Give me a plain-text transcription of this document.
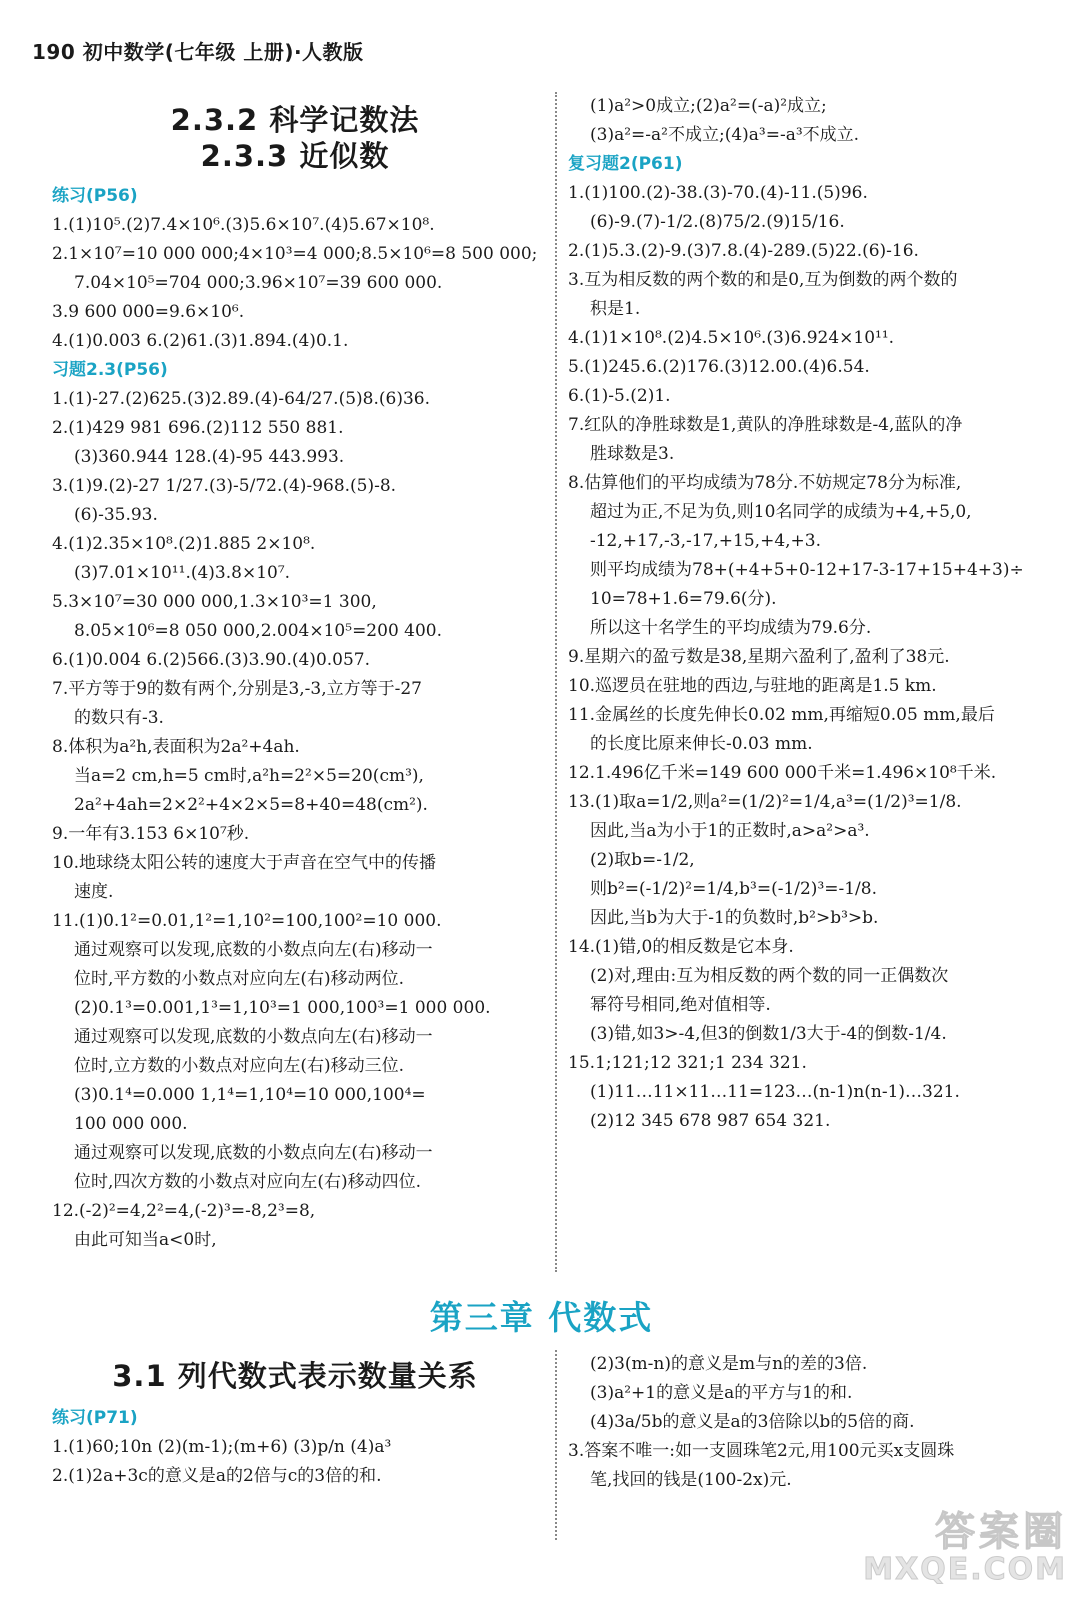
190 初中数学(七年级 上册)·人教版
2.3.2 科学记数法
2.3.3 近似数
练习(P56)
1.(1)10⁵.(2)7.4×10⁶.(3)5.6×10⁷.(4)5.67×10⁸.
2.1×10⁷=10 000 000;4×10³=4 000;8.5×10⁶=8 500 000;
7.04×10⁵=704 000;3.96×10⁷=39 600 000.
3.9 600 000=9.6×10⁶.
4.(1)0.003 6.(2)61.(3)1.894.(4)0.1.
习题2.3(P56)
1.(1)-27.(2)625.(3)2.89.(4)-64/27.(5)8.(6)36.
2.(1)429 981 696.(2)112 550 881.
(3)360.944 128.(4)-95 443.993.
3.(1)9.(2)-27 1/27.(3)-5/72.(4)-968.(5)-8.
(6)-35.93.
4.(1)2.35×10⁸.(2)1.885 2×10⁸.
(3)7.01×10¹¹.(4)3.8×10⁷.
5.3×10⁷=30 000 000,1.3×10³=1 300,
8.05×10⁶=8 050 000,2.004×10⁵=200 400.
6.(1)0.004 6.(2)566.(3)3.90.(4)0.057.
7.平方等于9的数有两个,分别是3,-3,立方等于-27
的数只有-3.
8.体积为a²h,表面积为2a²+4ah.
当a=2 cm,h=5 cm时,a²h=2²×5=20(cm³),
2a²+4ah=2×2²+4×2×5=8+40=48(cm²).
9.一年有3.153 6×10⁷秒.
10.地球绕太阳公转的速度大于声音在空气中的传播
速度.
11.(1)0.1²=0.01,1²=1,10²=100,100²=10 000.
通过观察可以发现,底数的小数点向左(右)移动一
位时,平方数的小数点对应向左(右)移动两位.
(2)0.1³=0.001,1³=1,10³=1 000,100³=1 000 000.
通过观察可以发现,底数的小数点向左(右)移动一
位时,立方数的小数点对应向左(右)移动三位.
(3)0.1⁴=0.000 1,1⁴=1,10⁴=10 000,100⁴=
100 000 000.
通过观察可以发现,底数的小数点向左(右)移动一
位时,四次方数的小数点对应向左(右)移动四位.
12.(-2)²=4,2²=4,(-2)³=-8,2³=8,
由此可知当a<0时,
(1)a²>0成立;(2)a²=(-a)²成立;
(3)a²=-a²不成立;(4)a³=-a³不成立.
复习题2(P61)
1.(1)100.(2)-38.(3)-70.(4)-11.(5)96.
(6)-9.(7)-1/2.(8)75/2.(9)15/16.
2.(1)5.3.(2)-9.(3)7.8.(4)-289.(5)22.(6)-16.
3.互为相反数的两个数的和是0,互为倒数的两个数的
积是1.
4.(1)1×10⁸.(2)4.5×10⁶.(3)6.924×10¹¹.
5.(1)245.6.(2)176.(3)12.00.(4)6.54.
6.(1)-5.(2)1.
7.红队的净胜球数是1,黄队的净胜球数是-4,蓝队的净
胜球数是3.
8.估算他们的平均成绩为78分.不妨规定78分为标准,
超过为正,不足为负,则10名同学的成绩为+4,+5,0,
-12,+17,-3,-17,+15,+4,+3.
则平均成绩为78+(+4+5+0-12+17-3-17+15+4+3)÷
10=78+1.6=79.6(分).
所以这十名学生的平均成绩为79.6分.
9.星期六的盈亏数是38,星期六盈利了,盈利了38元.
10.巡逻员在驻地的西边,与驻地的距离是1.5 km.
11.金属丝的长度先伸长0.02 mm,再缩短0.05 mm,最后
的长度比原来伸长-0.03 mm.
12.1.496亿千米=149 600 000千米=1.496×10⁸千米.
13.(1)取a=1/2,则a²=(1/2)²=1/4,a³=(1/2)³=1/8.
因此,当a为小于1的正数时,a>a²>a³.
(2)取b=-1/2,
则b²=(-1/2)²=1/4,b³=(-1/2)³=-1/8.
因此,当b为大于-1的负数时,b²>b³>b.
14.(1)错,0的相反数是它本身.
(2)对,理由:互为相反数的两个数的同一正偶数次
幂符号相同,绝对值相等.
(3)错,如3>-4,但3的倒数1/3大于-4的倒数-1/4.
15.1;121;12 321;1 234 321.
(1)11…11×11…11=123…(n-1)n(n-1)…321.
(2)12 345 678 987 654 321.
第三章 代数式
3.1 列代数式表示数量关系
练习(P71)
1.(1)60;10n (2)(m-1);(m+6) (3)p/n (4)a³
2.(1)2a+3c的意义是a的2倍与c的3倍的和.
(2)3(m-n)的意义是m与n的差的3倍.
(3)a²+1的意义是a的平方与1的和.
(4)3a/5b的意义是a的3倍除以b的5倍的商.
3.答案不唯一:如一支圆珠笔2元,用100元买x支圆珠
笔,找回的钱是(100-2x)元.
答案圈
MXQE.COM
